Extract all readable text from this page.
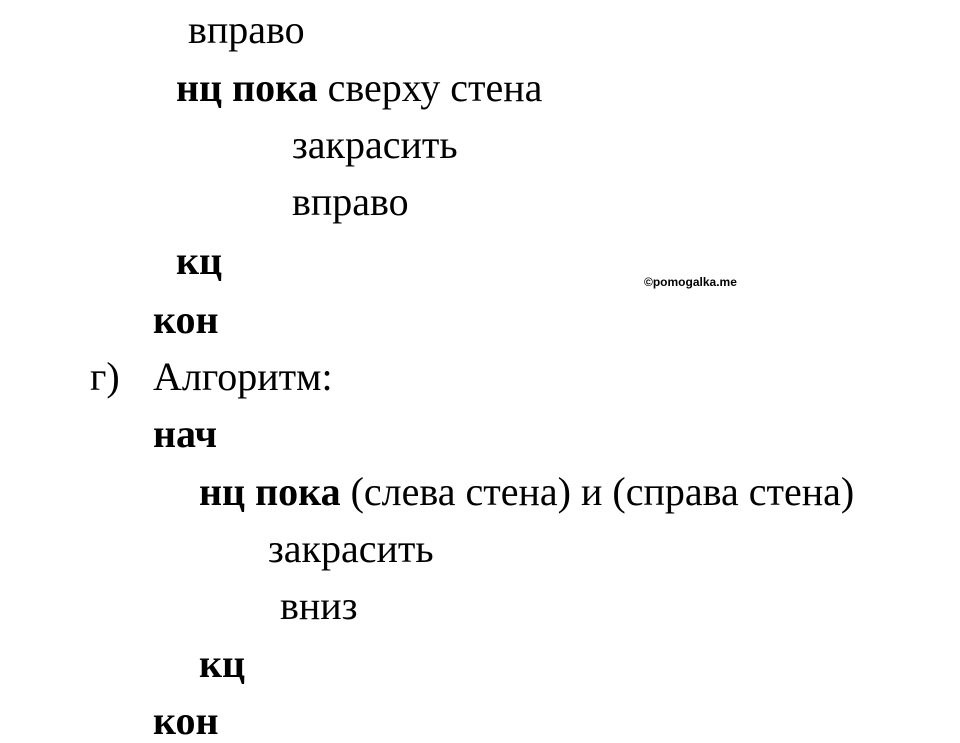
вправо
нц пока сверху стена
закрасить
вправо
кц	©pomogalka.me
кон
г) Алгоритм:
нач
нц пока (слева стена) и (справа стена)
закрасить
вниз
кц
кон
